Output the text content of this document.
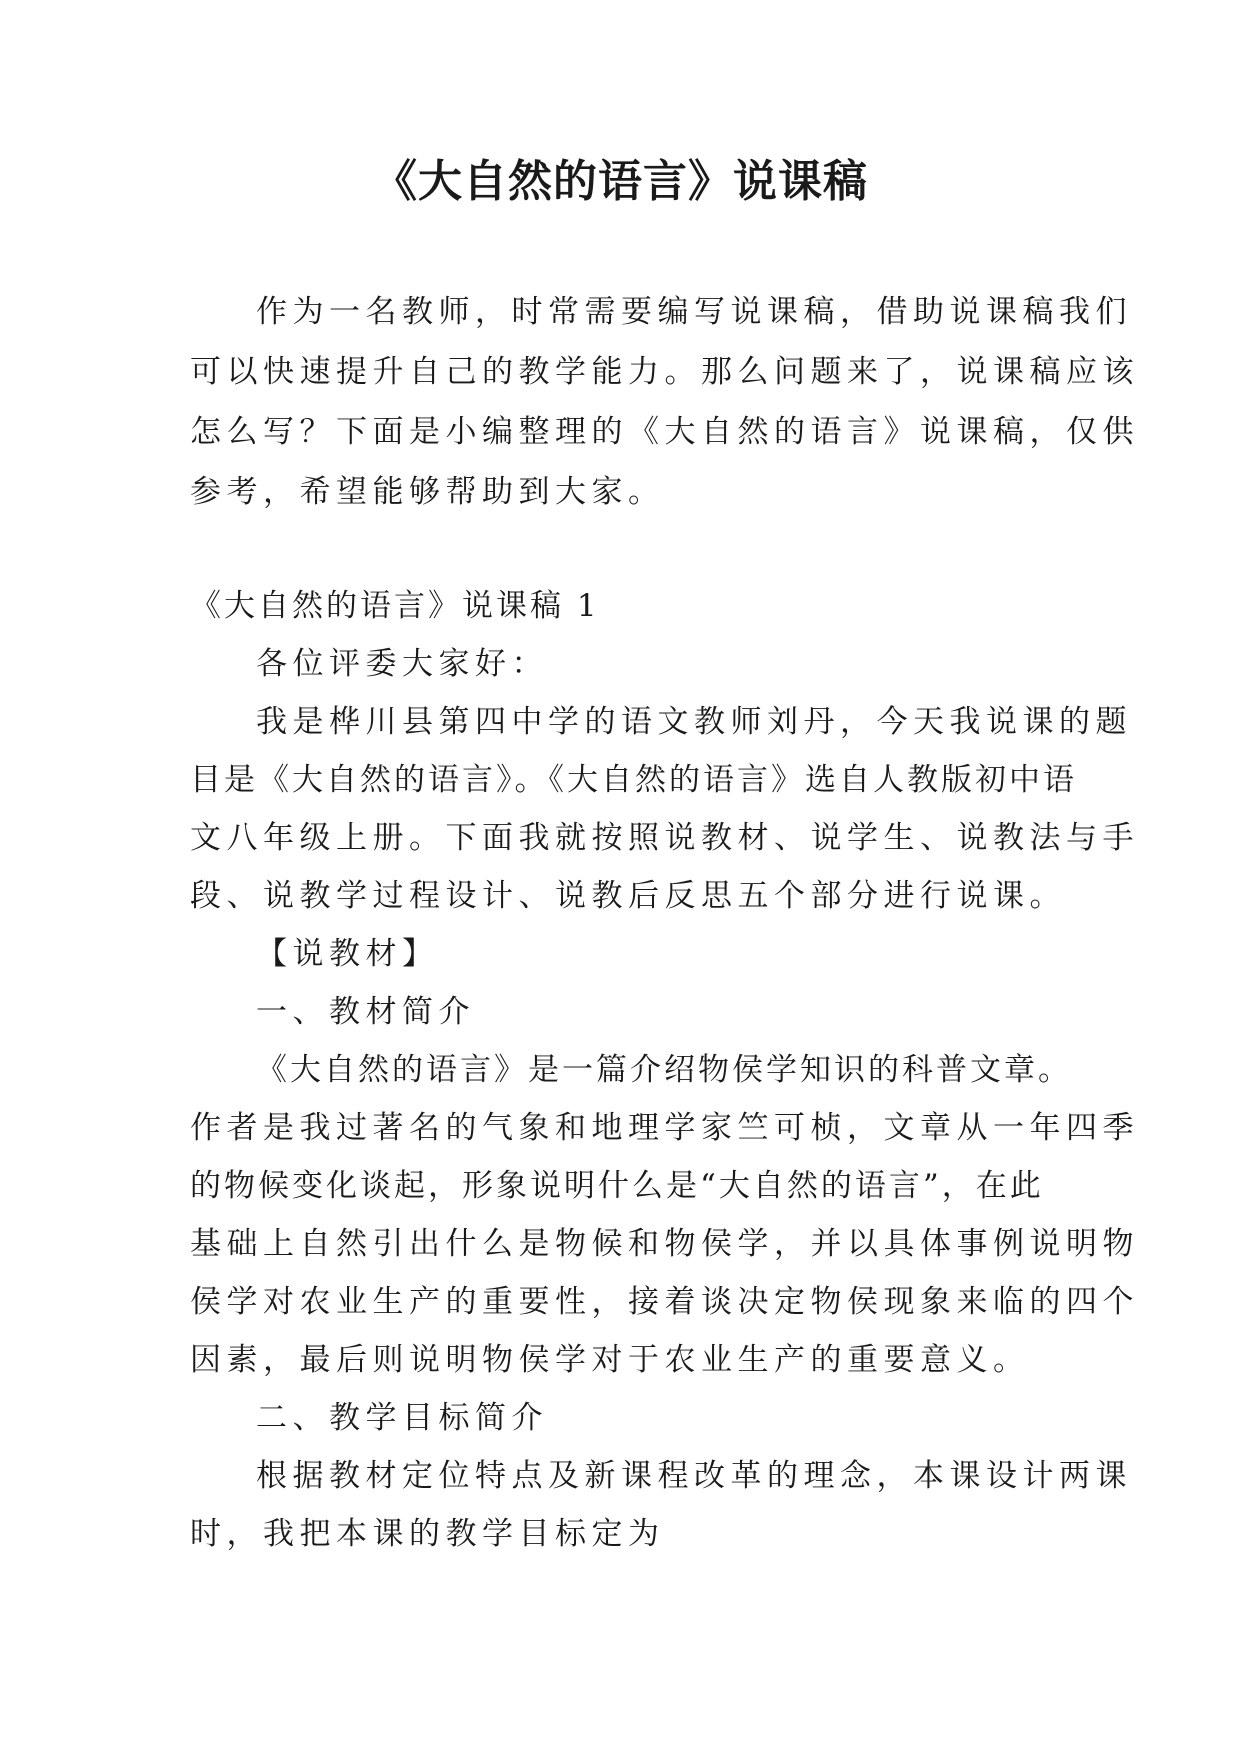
《大自然的语言》说课稿

作为一名教师，时常需要编写说课稿，借助说课稿我们

可以快速提升自己的教学能力。那么问题来了，说课稿应该

怎么写？下面是小编整理的《大自然的语言》说课稿，仅供

参考，希望能够帮助到大家。

《大自然的语言》说课稿 1

各位评委大家好：

我是桦川县第四中学的语文教师刘丹，今天我说课的题

目是《大自然的语言》。《大自然的语言》选自人教版初中语

文八年级上册。下面我就按照说教材、说学生、说教法与手

段、说教学过程设计、说教后反思五个部分进行说课。

【说教材】

一、教材简介

《大自然的语言》是一篇介绍物侯学知识的科普文章。

作者是我过著名的气象和地理学家竺可桢，文章从一年四季

的物候变化谈起，形象说明什么是“大自然的语言”，在此

基础上自然引出什么是物候和物侯学，并以具体事例说明物

侯学对农业生产的重要性，接着谈决定物侯现象来临的四个

因素，最后则说明物侯学对于农业生产的重要意义。

二、教学目标简介

根据教材定位特点及新课程改革的理念，本课设计两课

时，我把本课的教学目标定为
